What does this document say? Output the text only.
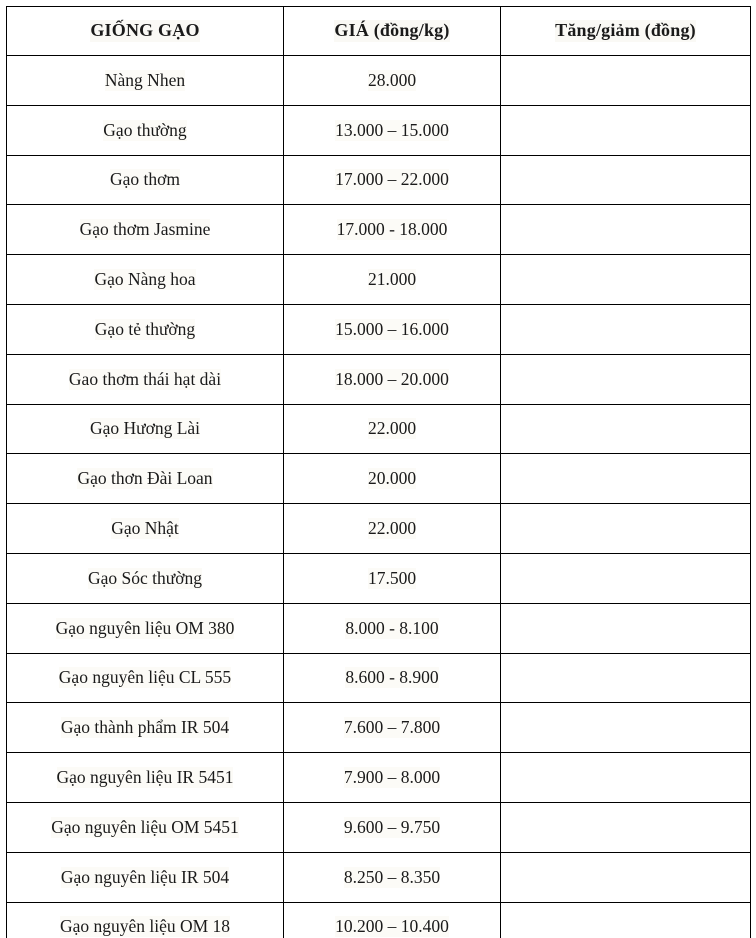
GIỐNG GẠO	GIÁ (đồng/kg)	Tăng/giảm (đồng)
Nàng Nhen	28.000	
Gạo thường	13.000 – 15.000	
Gạo thơm	17.000 – 22.000	
Gạo thơm Jasmine	17.000 - 18.000	
Gạo Nàng hoa	21.000	
Gạo tẻ thường	15.000 – 16.000	
Gao thơm thái hạt dài	18.000 – 20.000	
Gạo Hương Lài	22.000	
Gạo thơn Đài Loan	20.000	
Gạo Nhật	22.000	
Gạo Sóc thường	17.500	
Gạo nguyên liệu OM 380	8.000 - 8.100	
Gạo nguyên liệu CL 555	8.600 - 8.900	
Gạo thành phẩm IR 504	7.600 – 7.800	
Gạo nguyên liệu IR 5451	7.900 – 8.000	
Gạo nguyên liệu OM 5451	9.600 – 9.750	
Gạo nguyên liệu IR 504	8.250 – 8.350	
Gạo nguyên liệu OM 18	10.200 – 10.400	
